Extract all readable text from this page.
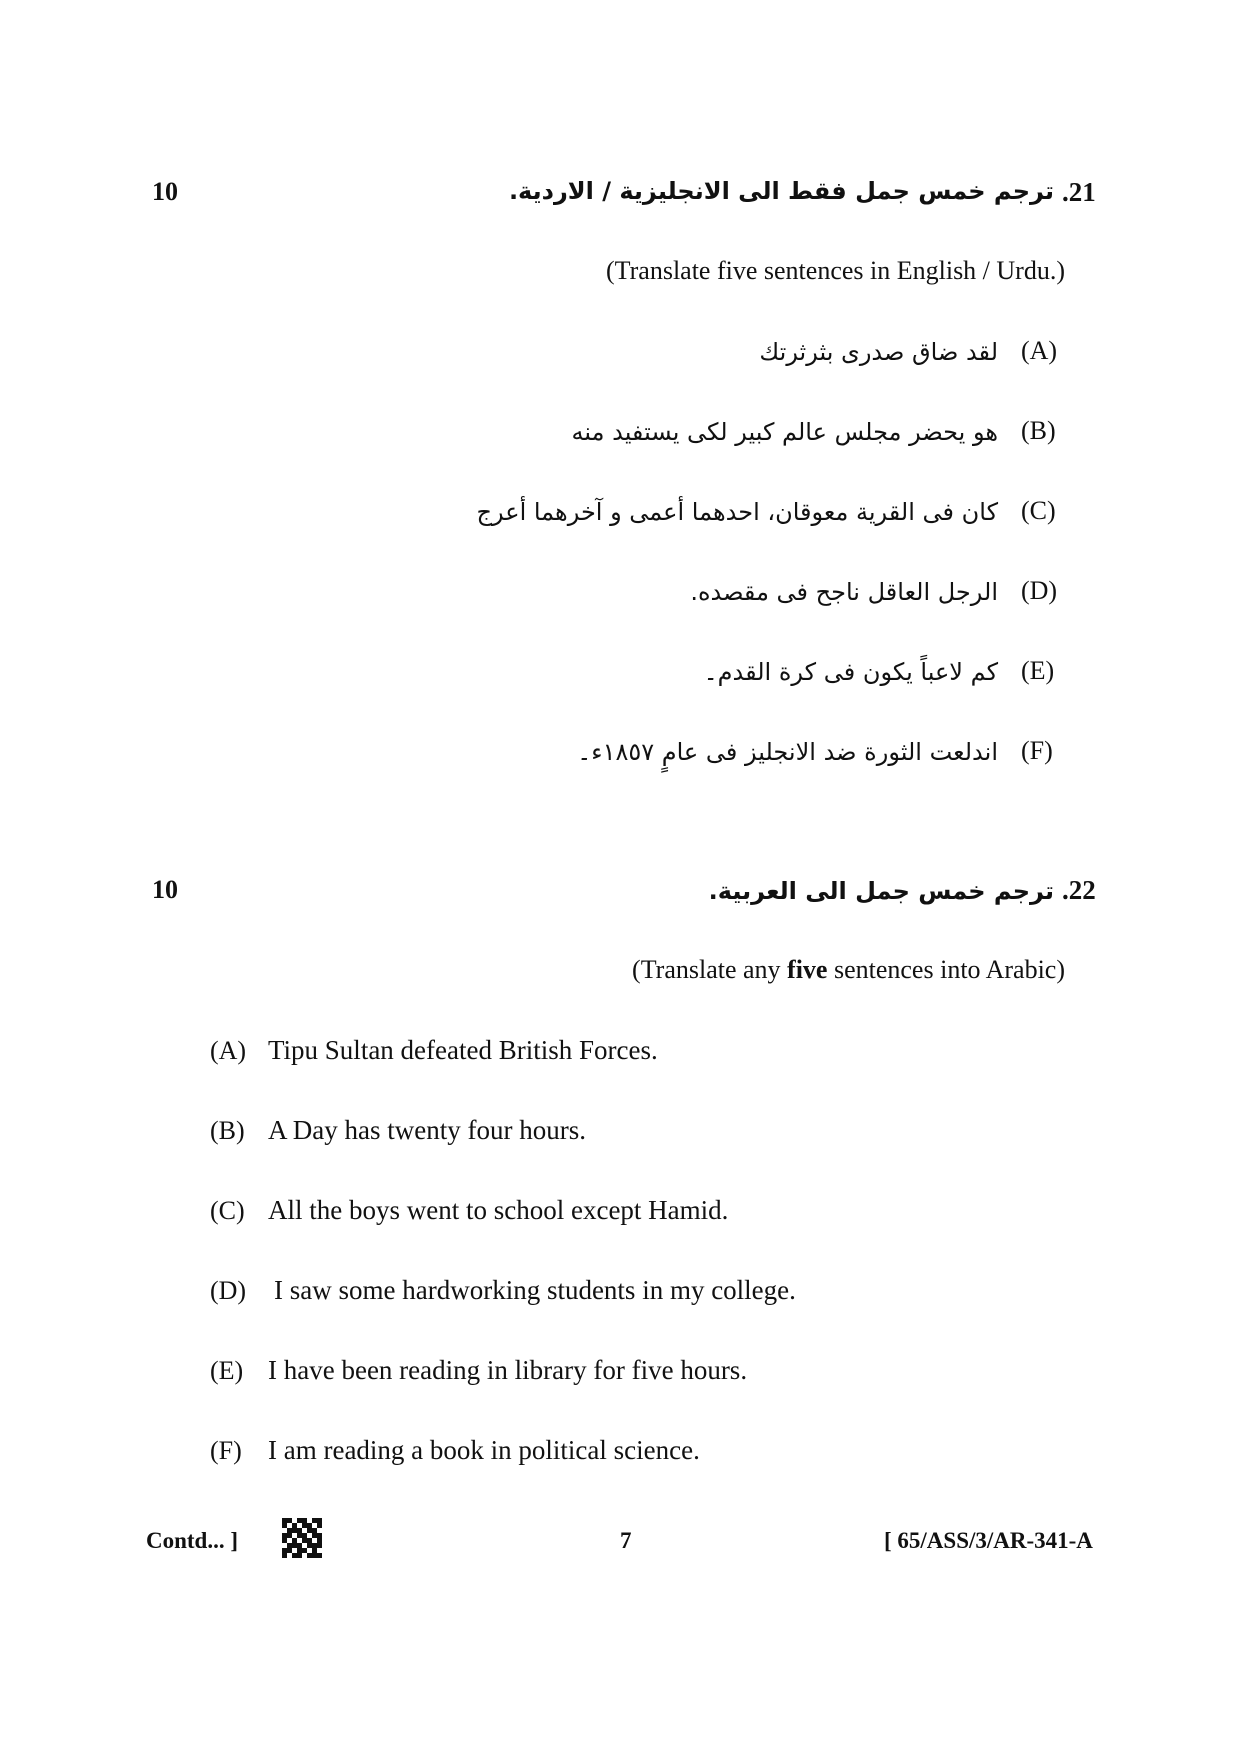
10	.21
ترجم خمس جمل فقط الى الانجليزية / الاردية.
(Translate five sentences in English / Urdu.)
(A)
لقد ضاق صدرى بثرثرتك
(B)
هو يحضر مجلس عالم كبير لكى يستفيد منه
(C)
كان فى القرية معوقان، احدهما أعمى و آخرهما أعرج
(D)
الرجل العاقل ناجح فى مقصده.
(E)
كم لاعباً يكون فى كرة القدم۔
(F)
اندلعت الثورة ضد الانجليز فى عامٍ ١٨٥٧ء۔
10	.22
ترجم خمس جمل الى العربية.
(Translate any five sentences into Arabic)
(A) Tipu Sultan defeated British Forces.
(B) A Day has twenty four hours.
(C) All the boys went to school except Hamid.
(D) I saw some hardworking students in my college.
(E) I have been reading in library for five hours.
(F) I am reading a book in political science.
Contd... ]	7	[ 65/ASS/3/AR-341-A
